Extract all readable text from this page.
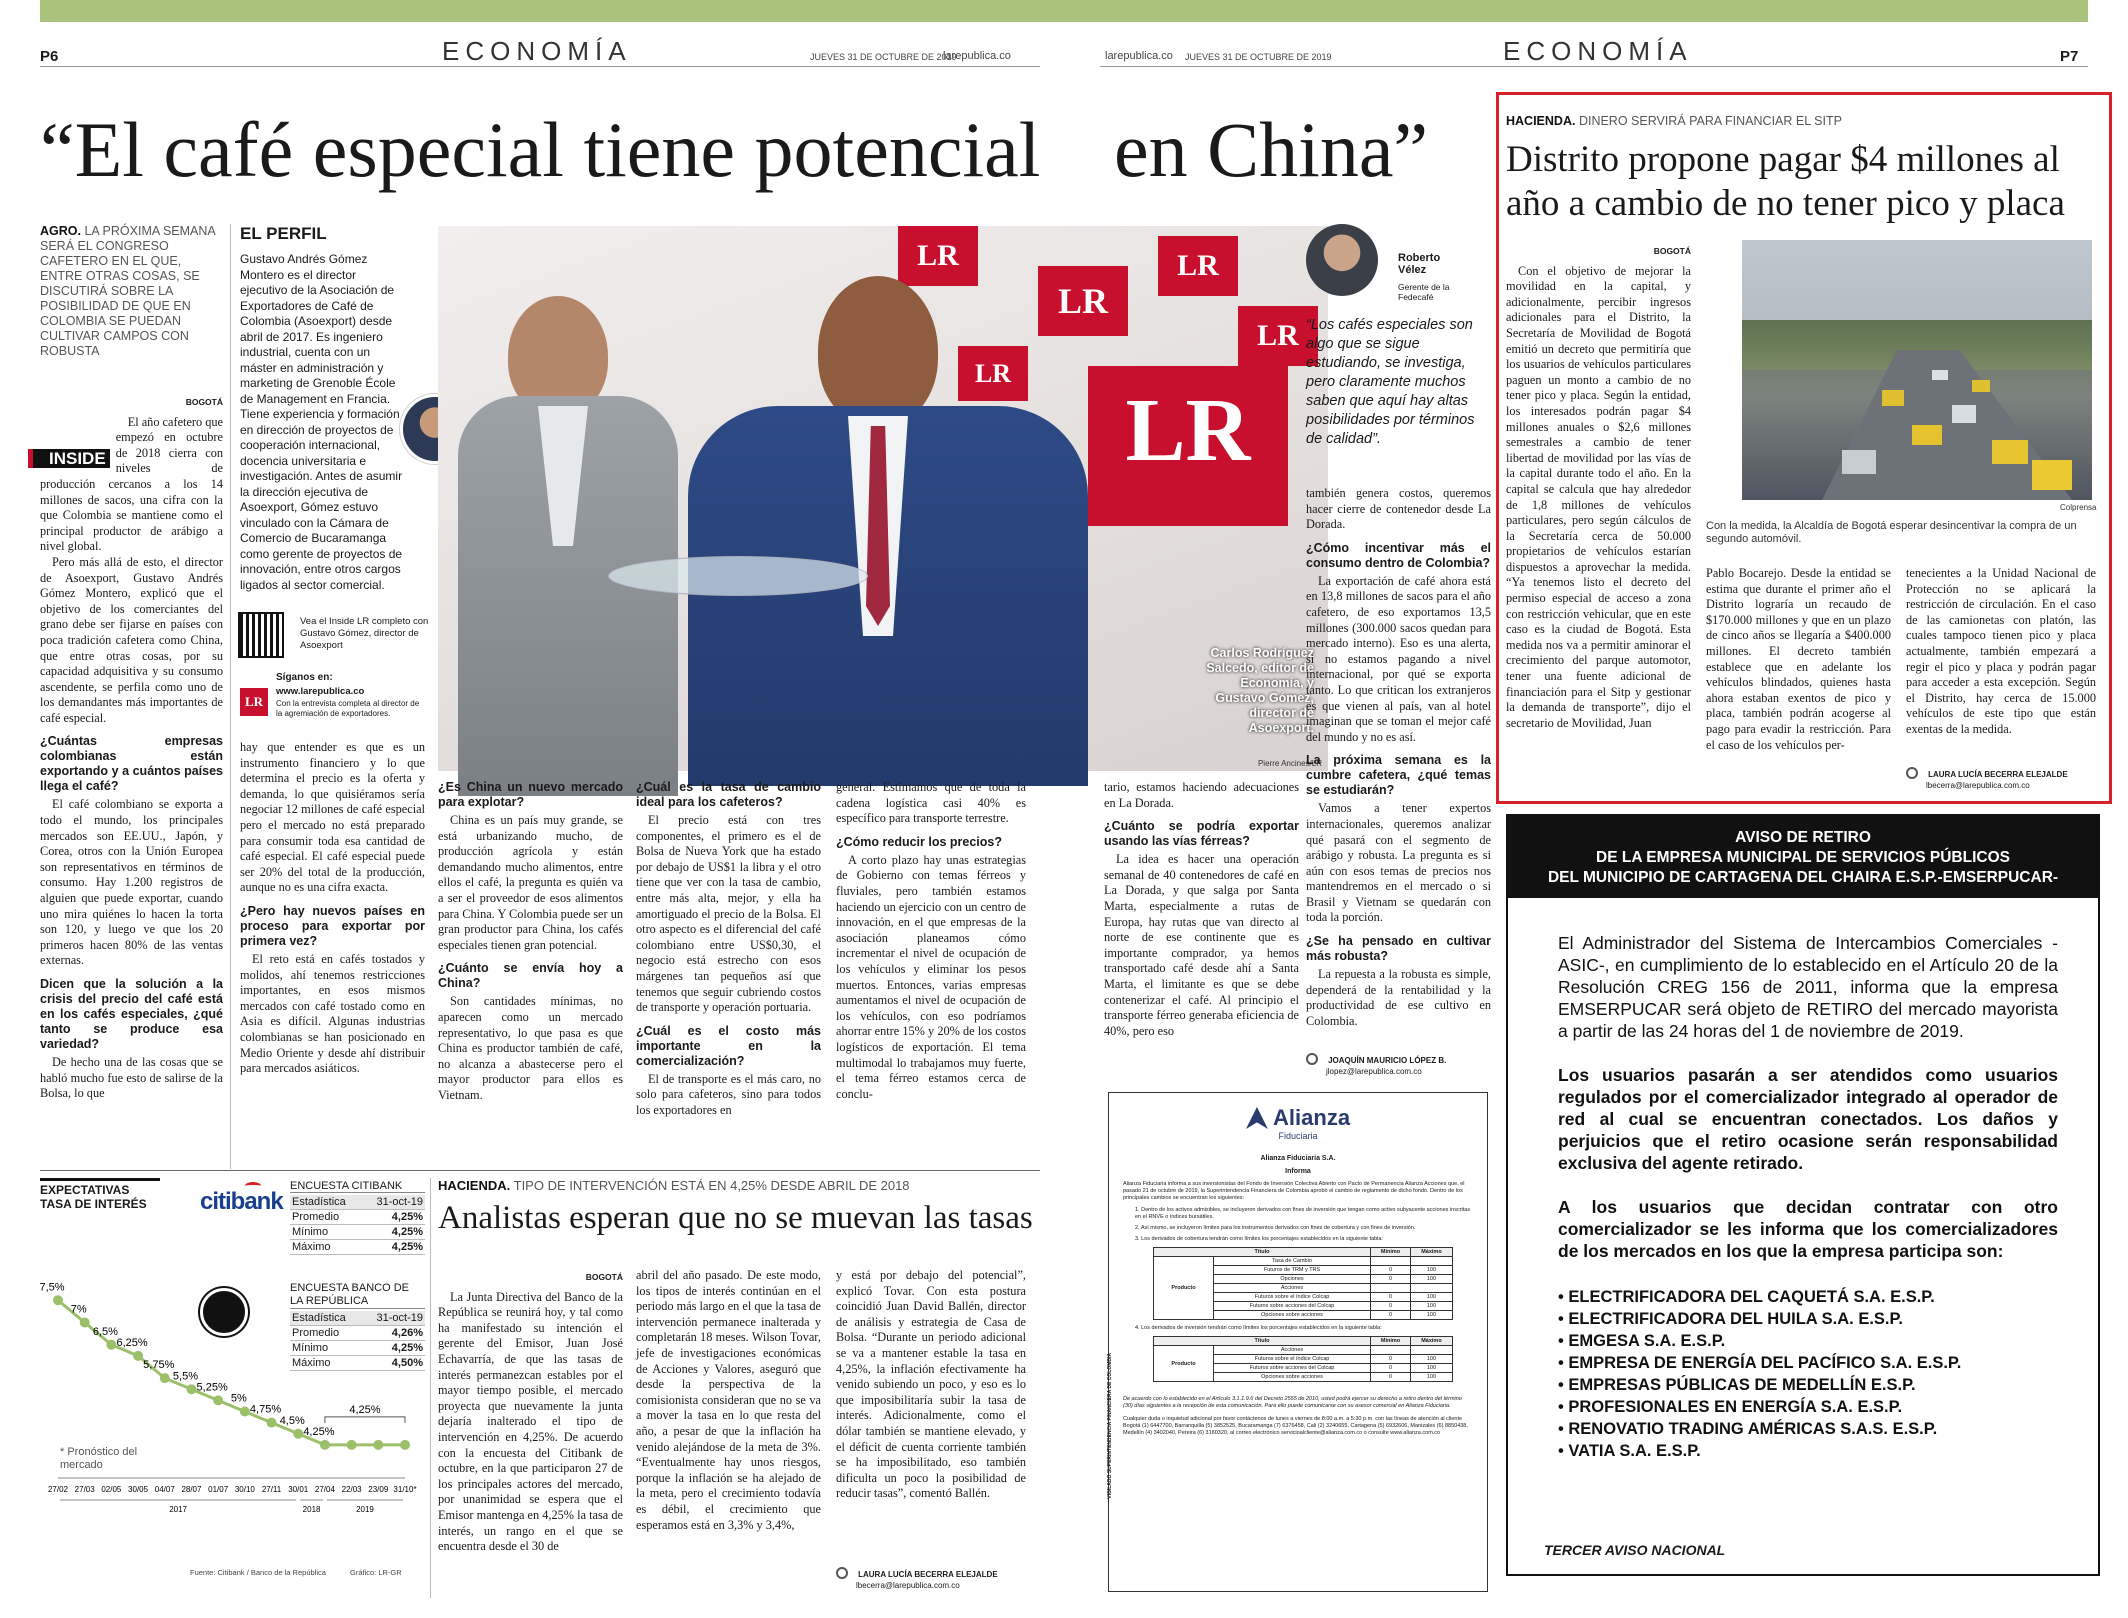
P6	ECONOMÍA	JUEVES 31 DE OCTUBRE DE 2019
larepublica.co	larepublica.co JUEVES 31 DE OCTUBRE DE 2019	ECONOMÍA	P7
“El café especial tiene potencial en China”
AGRO. LA PRÓXIMA SEMANA SERÁ EL CONGRESO CAFETERO EN EL QUE, ENTRE OTRAS COSAS, SE DISCUTIRÁ SOBRE LA POSIBILIDAD DE QUE EN COLOMBIA SE PUEDAN CULTIVAR CAMPOS CON ROBUSTA
BOGOTÁ

INSIDE
El año cafetero que empezó en octubre de 2018 cierra con niveles de producción cercanos a los 14 millones de sacos, una cifra con la que Colombia se mantiene como el principal productor de arábigo a nivel global.

Pero más allá de esto, el director de Asoexport, Gustavo Andrés Gómez Montero, explicó que el objetivo de los comerciantes del grano debe ser fijarse en países con poca tradición cafetera como China, que entre otras cosas, por su capacidad adquisitiva y su consumo ascendente, se perfila como uno de los demandantes más importantes de café especial.

¿Cuántas empresas colombianas están exportando y a cuántos países llega el café?

El café colombiano se exporta a todo el mundo, los principales mercados son EE.UU., Japón, y Corea, otros con la Unión Europea son representativos en términos de consumo. Hay 1.200 registros de alguien que puede exportar, cuando uno mira quiénes lo hacen la torta son 120, y luego ve que los 20 primeros hacen 80% de las ventas externas.

Dicen que la solución a la crisis del precio del café está en los cafés especiales, ¿qué tanto se produce esa variedad?

De hecho una de las cosas que se habló mucho fue esto de salirse de la Bolsa, lo que

EL PERFIL
Gustavo Andrés Gómez Montero es el director ejecutivo de la Asociación de Exportadores de Café de Colombia (Asoexport) desde abril de 2017. Es ingeniero industrial, cuenta con un máster en administración y marketing de Grenoble École de Management en Francia. Tiene experiencia y formación en dirección de proyectos de cooperación internacional, docencia universitaria e investigación. Antes de asumir la dirección ejecutiva de Asoexport, Gómez estuvo vinculado con la Cámara de Comercio de Bucaramanga como gerente de proyectos de innovación, entre otros cargos ligados al sector comercial.
Vea el Inside LR completo con Gustavo Gómez, director de Asoexport
Síganos en:
LR
www.larepublica.co
Con la entrevista completa al director de la agremiación de exportadores.
LR
LR
LR
LR
LR
LR
Carlos Rodríguez Salcedo, editor de Economía, y Gustavo Gómez, director de Asoexport.
Pierre Ancines/LR

hay que entender es que es un instrumento financiero y lo que determina el precio es la oferta y demanda, lo que quisiéramos sería negociar 12 millones de café especial pero el mercado no está preparado para consumir toda esa cantidad de café especial. El café especial puede ser 20% del total de la producción, aunque no es una cifra exacta.

¿Pero hay nuevos países en proceso para exportar por primera vez?

El reto está en cafés tostados y molidos, ahí tenemos restricciones importantes, en esos mismos mercados con café tostado como en Asia es difícil. Algunas industrias colombianas se han posicionado en Medio Oriente y desde ahí distribuir para mercados asiáticos.

¿Es China un nuevo mercado para explotar?

China es un país muy grande, se está urbanizando mucho, de producción agrícola y están demandando mucho alimentos, entre ellos el café, la pregunta es quién va a ser el proveedor de esos alimentos para China. Y Colombia puede ser un gran productor para China, los cafés especiales tienen gran potencial.

¿Cuánto se envía hoy a China?

Son cantidades mínimas, no aparecen como un mercado representativo, lo que pasa es que China es productor también de café, no alcanza a abastecerse pero el mayor productor para ellos es Vietnam.

¿Cuál es la tasa de cambio ideal para los cafeteros?

El precio está con tres componentes, el primero es el de Bolsa de Nueva York que ha estado por debajo de US$1 la libra y el otro tiene que ver con la tasa de cambio, entre más alta, mejor, y ella ha amortiguado el precio de la Bolsa. El otro aspecto es el diferencial del café colombiano entre US$0,30, el negocio está estrecho con esos márgenes tan pequeños así que tenemos que seguir cubriendo costos de transporte y operación portuaria.

¿Cuál es el costo más importante en la comercialización?

El de transporte es el más caro, no solo para cafeteros, sino para todos los exportadores en

general. Estimamos que de toda la cadena logística casi 40% es específico para transporte terrestre.

¿Cómo reducir los precios?

A corto plazo hay unas estrategias de Gobierno con temas férreos y fluviales, pero también estamos haciendo un ejercicio con un centro de innovación, en el que empresas de la asociación planeamos cómo incrementar el nivel de ocupación de los vehículos y eliminar los pesos muertos. Entonces, varias empresas aumentamos el nivel de ocupación de los vehículos, con eso podríamos ahorrar entre 15% y 20% de los costos logísticos de exportación. El tema multimodal lo trabajamos muy fuerte, el tema férreo estamos cerca de conclu-

tario, estamos haciendo adecuaciones en La Dorada.

¿Cuánto se podría exportar usando las vías férreas?

La idea es hacer una operación semanal de 40 contenedores de café en La Dorada, y que salga por Santa Marta, especialmente a rutas de Europa, hay rutas que van directo al norte de ese continente que es importante comprador, ya hemos transportado café desde ahí a Santa Marta, el limitante es que se debe contenerizar el café. Al principio el transporte férreo generaba eficiencia de 40%, pero eso

Roberto Vélez
Gerente de la Fedecafé
“Los cafés especiales son algo que se sigue estudiando, se investiga, pero claramente muchos saben que aquí hay altas posibilidades por términos de calidad”.

también genera costos, queremos hacer cierre de contenedor desde La Dorada.

¿Cómo incentivar más el consumo dentro de Colombia?

La exportación de café ahora está en 13,8 millones de sacos para el año cafetero, de eso exportamos 13,5 millones (300.000 sacos quedan para mercado interno). Eso es una alerta, si no estamos pagando a nivel internacional, por qué se exporta tanto. Lo que critican los extranjeros es que vienen al país, van al hotel imaginan que se toman el mejor café del mundo y no es así.

La próxima semana es la cumbre cafetera, ¿qué temas se estudiarán?

Vamos a tener expertos internacionales, queremos analizar qué pasará con el segmento de arábigo y robusta. La pregunta es si aún con esos temas de precios nos mantendremos en el mercado o si Brasil y Vietnam se quedarán con toda la porción.

¿Se ha pensado en cultivar más robusta?

La repuesta a la robusta es simple, dependerá de la rentabilidad y la productividad de ese cultivo en Colombia.

JOAQUÍN MAURICIO LÓPEZ B.
jlopez@larepublica.com.co
EXPECTATIVAS TASA DE INTERÉS	citibank
ENCUESTA CITIBANK
Estadística	31-oct-19
Promedio	4,25%
Mínimo	4,25%
Máximo	4,25%
ENCUESTA BANCO DE LA REPÚBLICA
Estadística	31-oct-19
Promedio	4,26%
Mínimo	4,25%
Máximo	4,50%
4,25%
7,5%
7%
6,5%
6,25%
5,75%
5,5%
5,25%
5%
4,75%
4,5%
4,25%
27/02 27/03 02/05 30/05 04/07 28/07 01/07 30/10 27/11 30/01 27/04 22/03 23/09 31/10*
2017	2018	2019
* Pronóstico del mercado
Fuente: Citibank / Banco de la República	Gráfico: LR-GR
HACIENDA. TIPO DE INTERVENCIÓN ESTÁ EN 4,25% DESDE ABRIL DE 2018
Analistas esperan que no se muevan las tasas
BOGOTÁ

La Junta Directiva del Banco de la República se reunirá hoy, y tal como ha manifestado su intención el gerente del Emisor, Juan José Echavarría, de que las tasas de interés permanezcan estables por el mayor tiempo posible, el mercado proyecta que nuevamente la junta dejaría inalterado el tipo de intervención en 4,25%. De acuerdo con la encuesta del Citibank de octubre, en la que participaron 27 de los principales actores del mercado, por unanimidad se espera que el Emisor mantenga en 4,25% la tasa de interés, un rango en el que se encuentra desde el 30 de

abril del año pasado. De este modo, los tipos de interés continúan en el periodo más largo en el que la tasa de intervención permanece inalterada y completarán 18 meses. Wilson Tovar, jefe de investigaciones económicas de Acciones y Valores, aseguró que desde la perspectiva de la comisionista consideran que no se va a mover la tasa en lo que resta del año, a pesar de que la inflación ha venido alejándose de la meta de 3%. “Eventualmente hay unos riesgos, porque la inflación se ha alejado de la meta, pero el crecimiento todavía es débil, el crecimiento que esperamos está en 3,3% y 3,4%,

y está por debajo del potencial”, explicó Tovar. Con esta postura coincidió Juan David Ballén, director de análisis y estrategia de Casa de Bolsa. “Durante un periodo adicional se va a mantener estable la tasa en 4,25%, la inflación efectivamente ha venido subiendo un poco, y eso es lo que imposibilitaría subir la tasa de interés. Adicionalmente, como el dólar también se mantiene elevado, y el déficit de cuenta corriente también se ha imposibilitado, eso también dificulta un poco la posibilidad de reducir tasas”, comentó Ballén.

LAURA LUCÍA BECERRA ELEJALDE
lbecerra@larepublica.com.co
Alianza
Fiduciaria
Alianza Fiduciaria S.A.
Informa
Alianza Fiduciaria informa a sus inversionistas del Fondo de Inversión Colectiva Abierto con Pacto de Permanencia Alianza Acciones que, el pasado 21 de octubre de 2019, la Superintendencia Financiera de Colombia aprobó el cambio de reglamento de dicho fondo. Dentro de los principales cambios se encuentran los siguientes:
1. Dentro de los activos admisibles, se incluyeron derivados con fines de inversión que tengan como activo subyacente acciones inscritas en el RNVE o índices bursátiles.
2. Así mismo, se incluyeron límites para los instrumentos derivados con fines de cobertura y con fines de inversión.
3. Los derivados de cobertura tendrán como límites los porcentajes establecidos en la siguiente tabla:
Título		Mínimo	Máximo
Producto	Tasa de Cambio		
	Futuros de TRM y TRS	0	100
	Opciones	0	100
	Acciones		
	Futuros sobre el índice Colcap	0	100
	Futuros sobre acciones del Colcap	0	100
	Opciones sobre acciones	0	100
4. Los derivados de inversión tendrán como límites los porcentajes establecidos en la siguiente tabla:
Título		Mínimo	Máximo
Producto	Acciones		
	Futuros sobre el índice Colcap	0	100
	Futuros sobre acciones del Colcap	0	100
	Opciones sobre acciones	0	100
De acuerdo con lo establecido en el Artículo 3.1.1.9.6 del Decreto 2555 de 2010, usted podrá ejercer su derecho a retiro dentro del término (30) días siguientes a la recepción de esta comunicación. Para ello puede comunicarse con su asesor comercial en Alianza Fiduciaria.
Cualquier duda o inquietud adicional por favor contáctenos de lunes a viernes de 8:00 a.m. a 5:30 p.m. con las líneas de atención al cliente Bogotá (1) 6447700, Barranquilla (5) 3852525, Bucaramanga (7) 6376458, Cali (2) 3240655, Cartagena (5) 6932606, Manizales (6) 8850438, Medellín (4) 3402040, Pereira (6) 3160320, al correo electrónico servicioalcliente@alianza.com.co o consulte www.alianza.com.co
VIGILADO SUPERINTENDENCIA FINANCIERA DE COLOMBIA
HACIENDA. DINERO SERVIRÁ PARA FINANCIAR EL SITP
Distrito propone pagar $4 millones al año a cambio de no tener pico y placa
BOGOTÁ

Con el objetivo de mejorar la movilidad en la capital, y adicionalmente, percibir ingresos adicionales para el Distrito, la Secretaría de Movilidad de Bogotá emitió un decreto que permitiría que los usuarios de vehículos particulares paguen un monto a cambio de no tener pico y placa. Según la entidad, los interesados podrán pagar $4 millones anuales o $2,6 millones semestrales a cambio de tener libertad de movilidad por las vías de la capital durante todo el año. En la capital se calcula que hay alrededor de 1,8 millones de vehículos particulares, pero según cálculos de la Secretaría cerca de 50.000 propietarios de vehículos estarían dispuestos a aprovechar la medida. “Ya tenemos listo el decreto del permiso especial de acceso a zona con restricción vehicular, que en este caso es la ciudad de Bogotá. Esta medida nos va a permitir aminorar el crecimiento del parque automotor, tener una fuente adicional de financiación para el Sitp y gestionar la demanda de transporte”, dijo el secretario de Movilidad, Juan

Colprensa
Con la medida, la Alcaldía de Bogotá esperar desincentivar la compra de un segundo automóvil.

Pablo Bocarejo. Desde la entidad se estima que durante el primer año el Distrito lograría un recaudo de $170.000 millones y que en un plazo de cinco años se llegaría a $400.000 millones. El decreto también establece que en adelante los vehículos blindados, quienes hasta ahora estaban exentos de pico y placa, también podrán acogerse al pago para evadir la restricción. Para el caso de los vehículos per-

tenecientes a la Unidad Nacional de Protección no se aplicará la restricción de circulación. En el caso de las camionetas con platón, las cuales tampoco tienen pico y placa actualmente, también empezará a regir el pico y placa y podrán pagar para acceder a esta excepción. Según el Distrito, hay cerca de 15.000 vehículos de este tipo que están exentas de la medida.

LAURA LUCÍA BECERRA ELEJALDE
lbecerra@larepublica.com.co
AVISO DE RETIRO
DE LA EMPRESA MUNICIPAL DE SERVICIOS PÚBLICOS
DEL MUNICIPIO DE CARTAGENA DEL CHAIRA E.S.P.-EMSERPUCAR-

El Administrador del Sistema de Intercambios Comerciales -ASIC-, en cumplimiento de lo establecido en el Artículo 20 de la Resolución CREG 156 de 2011, informa que la empresa EMSERPUCAR será objeto de RETIRO del mercado mayorista a partir de las 24 horas del 1 de noviembre de 2019.

Los usuarios pasarán a ser atendidos como usuarios regulados por el comercializador integrado al operador de red al cual se encuentran conectados. Los daños y perjuicios que el retiro ocasione serán responsabilidad exclusiva del agente retirado.

A los usuarios que decidan contratar con otro comercializador se les informa que los comercializadores de los mercados en los que la empresa participa son:

• ELECTRIFICADORA DEL CAQUETÁ S.A. E.S.P.
• ELECTRIFICADORA DEL HUILA S.A. E.S.P.
• EMGESA S.A. E.S.P.
• EMPRESA DE ENERGÍA DEL PACÍFICO S.A. E.S.P.
• EMPRESAS PÚBLICAS DE MEDELLÍN E.S.P.
• PROFESIONALES EN ENERGÍA S.A. E.S.P.
• RENOVATIO TRADING AMÉRICAS S.A.S. E.S.P.
• VATIA S.A. E.S.P.
TERCER AVISO NACIONAL
